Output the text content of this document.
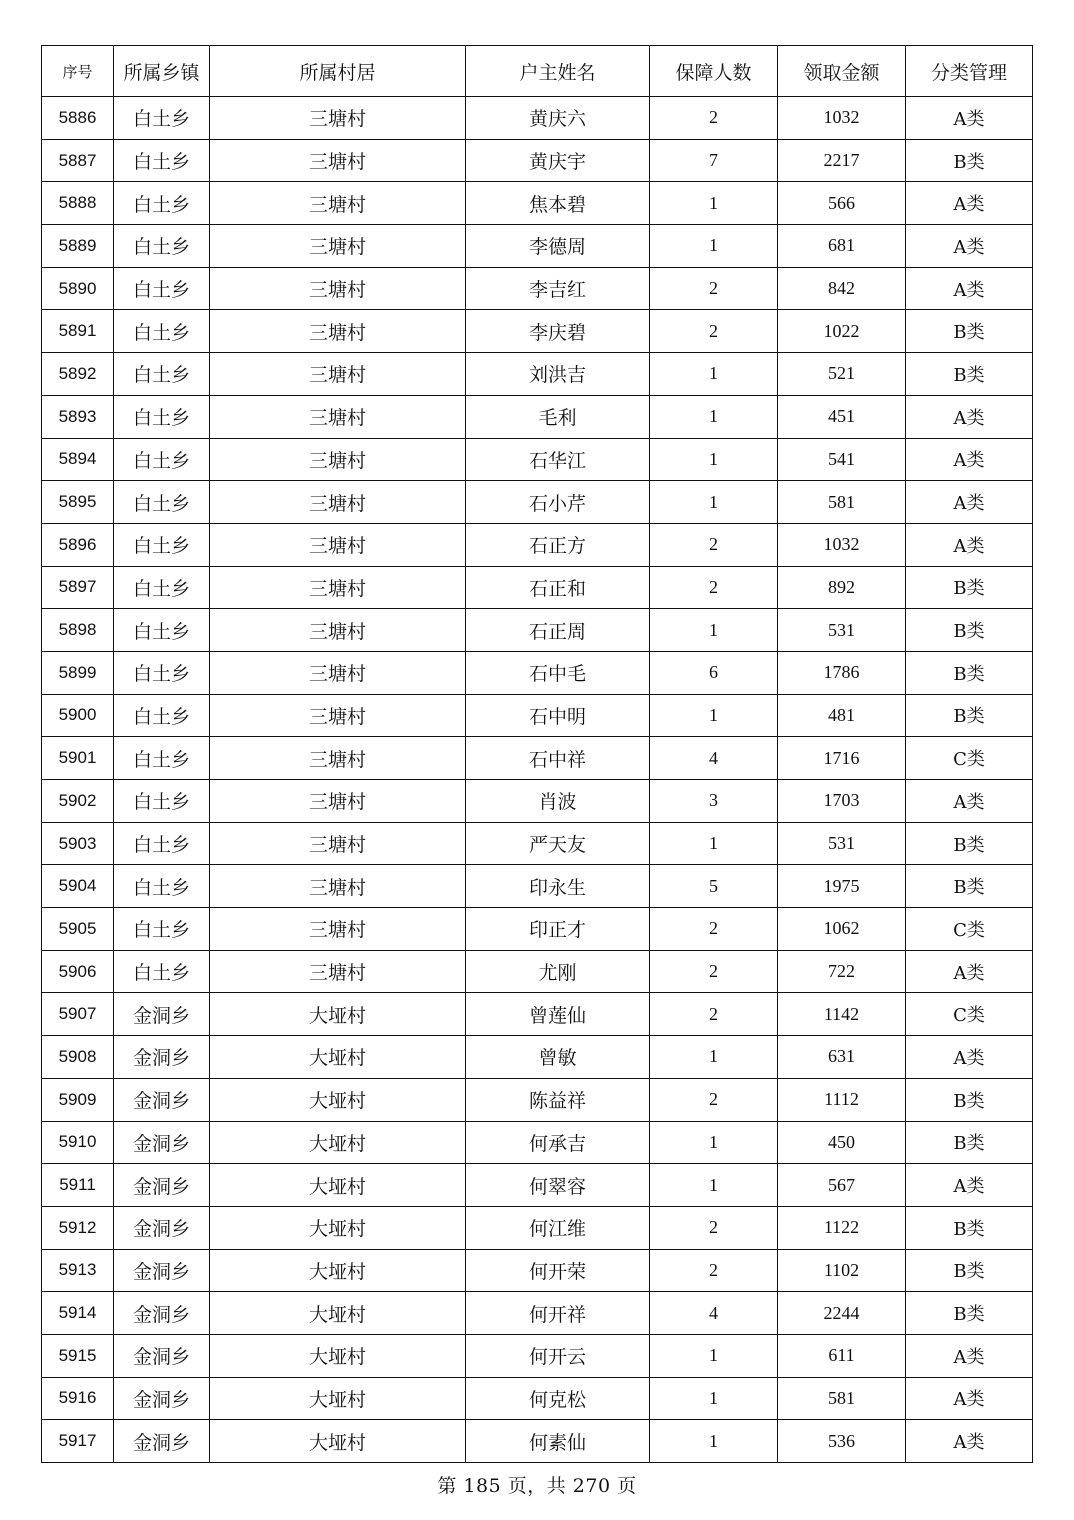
序号	所属乡镇	所属村居	户主姓名	保障人数	领取金额	分类管理
5886	白土乡	三塘村	黄庆六	2	1032	A类
5887	白土乡	三塘村	黄庆宇	7	2217	B类
5888	白土乡	三塘村	焦本碧	1	566	A类
5889	白土乡	三塘村	李德周	1	681	A类
5890	白土乡	三塘村	李吉红	2	842	A类
5891	白土乡	三塘村	李庆碧	2	1022	B类
5892	白土乡	三塘村	刘洪吉	1	521	B类
5893	白土乡	三塘村	毛利	1	451	A类
5894	白土乡	三塘村	石华江	1	541	A类
5895	白土乡	三塘村	石小芹	1	581	A类
5896	白土乡	三塘村	石正方	2	1032	A类
5897	白土乡	三塘村	石正和	2	892	B类
5898	白土乡	三塘村	石正周	1	531	B类
5899	白土乡	三塘村	石中毛	6	1786	B类
5900	白土乡	三塘村	石中明	1	481	B类
5901	白土乡	三塘村	石中祥	4	1716	C类
5902	白土乡	三塘村	肖波	3	1703	A类
5903	白土乡	三塘村	严天友	1	531	B类
5904	白土乡	三塘村	印永生	5	1975	B类
5905	白土乡	三塘村	印正才	2	1062	C类
5906	白土乡	三塘村	尤刚	2	722	A类
5907	金洞乡	大垭村	曾莲仙	2	1142	C类
5908	金洞乡	大垭村	曾敏	1	631	A类
5909	金洞乡	大垭村	陈益祥	2	1112	B类
5910	金洞乡	大垭村	何承吉	1	450	B类
5911	金洞乡	大垭村	何翠容	1	567	A类
5912	金洞乡	大垭村	何江维	2	1122	B类
5913	金洞乡	大垭村	何开荣	2	1102	B类
5914	金洞乡	大垭村	何开祥	4	2244	B类
5915	金洞乡	大垭村	何开云	1	611	A类
5916	金洞乡	大垭村	何克松	1	581	A类
5917	金洞乡	大垭村	何素仙	1	536	A类
第 185 页，共 270 页
